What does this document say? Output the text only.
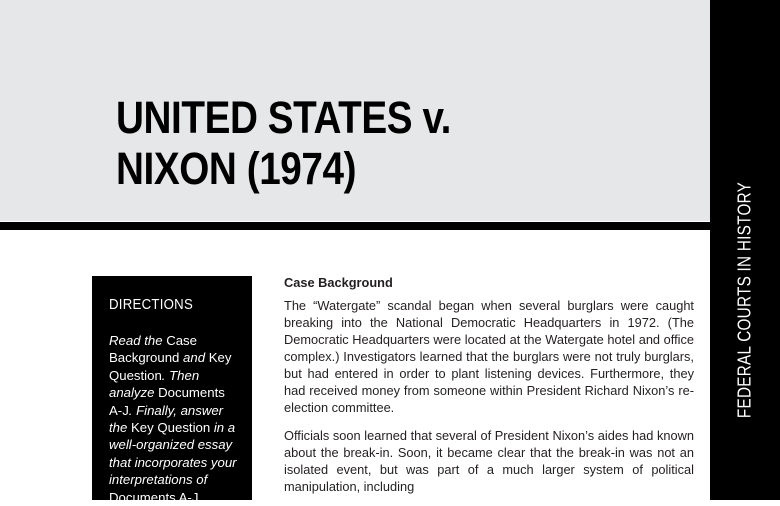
UNITED STATES v.
NIXON (1974)
FEDERAL COURTS IN HISTORY
DIRECTIONS

Read the Case Background and Key Question. Then analyze Documents A-J. Finally, answer the Key Question in a well-organized essay that incorporates your interpretations of Documents A-J,

Case Background

The “Watergate” scandal began when several burglars were caught breaking into the National Democratic Headquarters in 1972. (The Democratic Headquarters were located at the Watergate hotel and office complex.) Investigators learned that the burglars were not truly burglars, but had entered in order to plant listening devices. Furthermore, they had received money from someone within President Richard Nixon’s re-election committee.

Officials soon learned that several of President Nixon’s aides had known about the break-in. Soon, it became clear that the break-in was not an isolated event, but was part of a much larger system of political manipulation, including
